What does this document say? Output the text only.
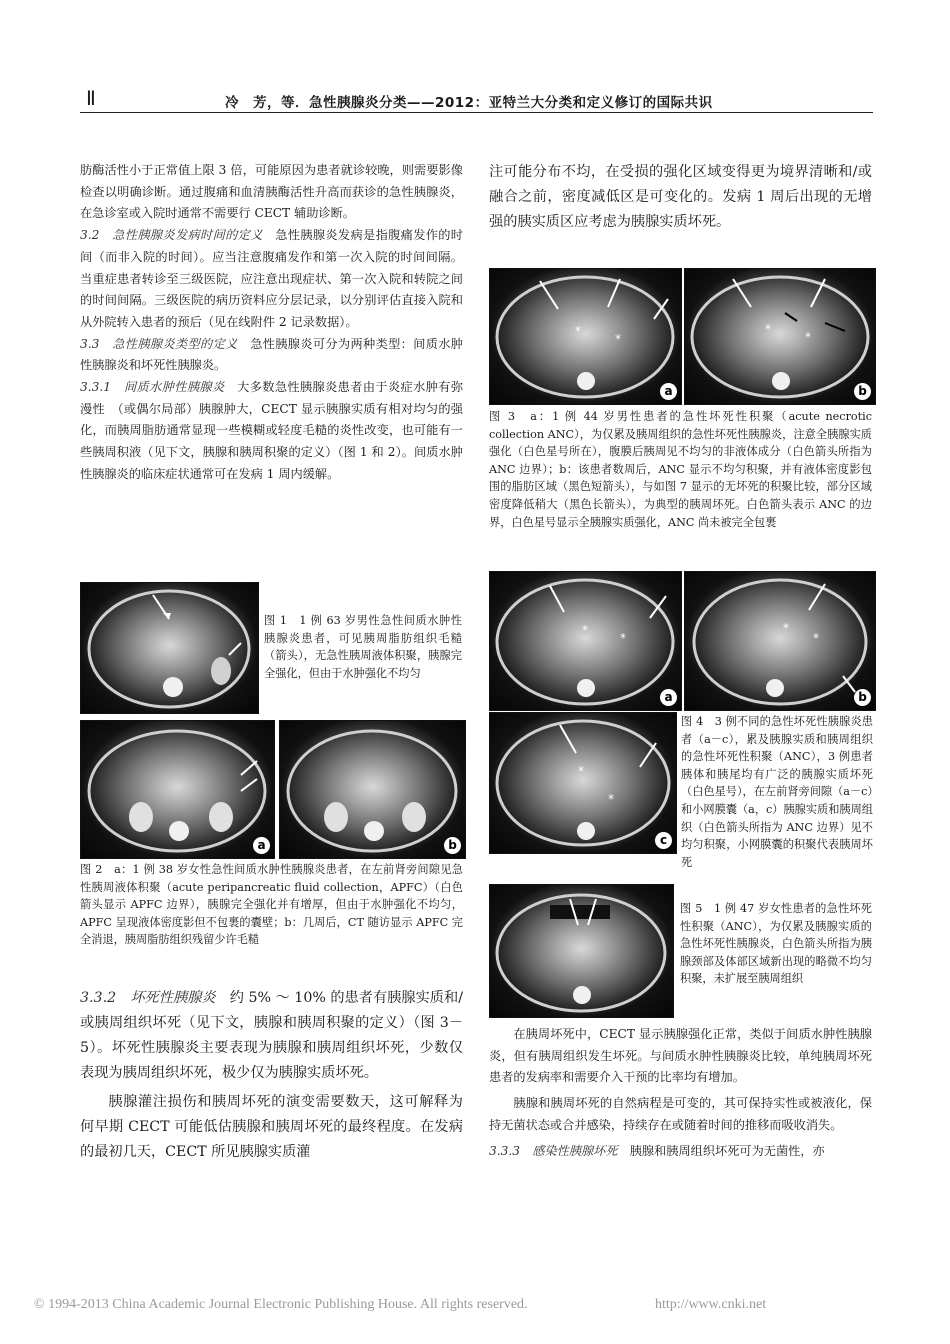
Ⅱ	冷　芳，等．急性胰腺炎分类——2012：亚特兰大分类和定义修订的国际共识

肪酶活性小于正常值上限 3 倍，可能原因为患者就诊较晚，则需要影像检查以明确诊断。通过腹痛和血清胰酶活性升高而获诊的急性胰腺炎，在急诊室或入院时通常不需要行 CECT 辅助诊断。

3.2　急性胰腺炎发病时间的定义　急性胰腺炎发病是指腹痛发作的时间（而非入院的时间）。应当注意腹痛发作和第一次入院的时间间隔。当重症患者转诊至三级医院，应注意出现症状、第一次入院和转院之间的时间间隔。三级医院的病历资料应分层记录，以分别评估直接入院和从外院转入患者的预后（见在线附件 2 记录数据）。

3.3　急性胰腺炎类型的定义　急性胰腺炎可分为两种类型：间质水肿性胰腺炎和坏死性胰腺炎。

3.3.1　间质水肿性胰腺炎　大多数急性胰腺炎患者由于炎症水肿有弥漫性　（或偶尔局部）胰腺肿大，CECT 显示胰腺实质有相对均匀的强化，而胰周脂肪通常显现一些模糊或轻度毛糙的炎性改变，也可能有一些胰周积液（见下文，胰腺和胰周积聚的定义）（图 1 和 2）。间质水肿性胰腺炎的临床症状通常可在发病 1 周内缓解。

图 1　1 例 63 岁男性急性间质水肿性胰腺炎患者，可见胰周脂肪组织毛糙（箭头），无急性胰周液体积聚，胰腺完全强化，但由于水肿强化不均匀

a	b

图 2　a：1 例 38 岁女性急性间质水肿性胰腺炎患者，在左前肾旁间隙见急性胰周液体积聚（acute peripancreatic fluid collection，APFC）（白色箭头显示 APFC 边界），胰腺完全强化并有增厚，但由于水肿强化不均匀，APFC 呈现液体密度影但不包裹的囊壁；b：几周后，CT 随访显示 APFC 完全消退，胰周脂肪组织残留少许毛糙

3.3.2　坏死性胰腺炎　约 5% ～ 10% 的患者有胰腺实质和/或胰周组织坏死（见下文，胰腺和胰周积聚的定义）（图 3－5）。坏死性胰腺炎主要表现为胰腺和胰周组织坏死，少数仅表现为胰周组织坏死，极少仅为胰腺实质坏死。

胰腺灌注损伤和胰周坏死的演变需要数天，这可解释为何早期 CECT 可能低估胰腺和胰周坏死的最终程度。在发病的最初几天，CECT 所见胰腺实质灌

注可能分布不均，在受损的强化区域变得更为境界清晰和/或融合之前，密度减低区是可变化的。发病 1 周后出现的无增强的胰实质区应考虑为胰腺实质坏死。

*
*
a
*
*
b

图 3　a：1 例 44 岁男性患者的急性坏死性积聚（acute necrotic collection ANC），为仅累及胰周组织的急性坏死性胰腺炎，注意全胰腺实质强化（白色星号所在），腹膜后胰周见不均匀的非液体成分（白色箭头所指为 ANC 边界）；b：该患者数周后，ANC 显示不均匀积聚，并有液体密度影包围的脂肪区域（黑色短箭头），与如图 7 显示的无坏死的积聚比较，部分区域密度降低稍大（黑色长箭头），为典型的胰周坏死。白色箭头表示 ANC 的边界，白色星号显示全胰腺实质强化，ANC 尚未被完全包裹

*
*
a
*
*
b
*
*
c

图 4　3 例不同的急性坏死性胰腺炎患者（a－c），累及胰腺实质和胰周组织的急性坏死性积聚（ANC），3 例患者胰体和胰尾均有广泛的胰腺实质坏死（白色星号），在左前肾旁间隙（a－c）和小网膜囊（a，c）胰腺实质和胰周组织（白色箭头所指为 ANC 边界）见不均匀积聚，小网膜囊的积聚代表胰周坏死

图 5　1 例 47 岁女性患者的急性坏死性积聚（ANC），为仅累及胰腺实质的急性坏死性胰腺炎，白色箭头所指为胰腺颈部及体部区域新出现的略微不均匀积聚，未扩展至胰周组织

在胰周坏死中，CECT 显示胰腺强化正常，类似于间质水肿性胰腺炎，但有胰周组织发生坏死。与间质水肿性胰腺炎比较，单纯胰周坏死患者的发病率和需要介入干预的比率均有增加。

胰腺和胰周坏死的自然病程是可变的，其可保持实性或被液化，保持无菌状态或合并感染，持续存在或随着时间的推移而吸收消失。

3.3.3　感染性胰腺坏死　胰腺和胰周组织坏死可为无菌性，亦

© 1994-2013 China Academic Journal Electronic Publishing House. All rights reserved.	http://www.cnki.net
